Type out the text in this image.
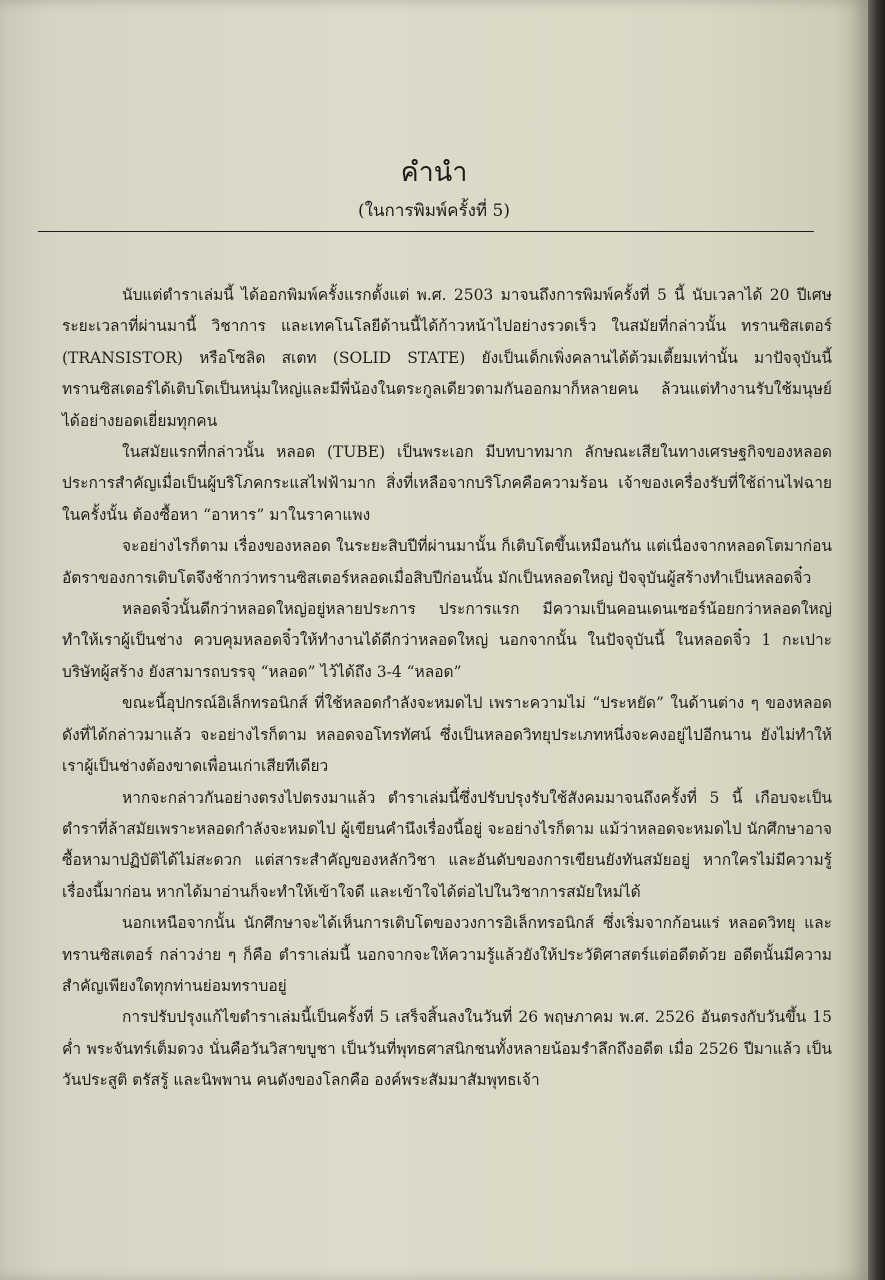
คำนำ
(ในการพิมพ์ครั้งที่ 5)

นับแต่ตำราเล่มนี้ ได้ออกพิมพ์ครั้งแรกตั้งแต่ พ.ศ. 2503 มาจนถึงการพิมพ์ครั้งที่ 5 นี้ นับเวลาได้ 20 ปีเศษ ระยะเวลาที่ผ่านมานี้ วิชาการ และเทคโนโลยีด้านนี้ได้ก้าวหน้าไปอย่างรวดเร็ว ในสมัยที่กล่าวนั้น ทรานซิสเตอร์ (TRANSISTOR) หรือโซลิด สเตท (SOLID STATE) ยังเป็นเด็กเพิ่งคลานได้ต้วมเตี้ยมเท่านั้น มาปัจจุบันนี้ทรานซิสเตอร์ได้เติบโตเป็นหนุ่มใหญ่และมีพี่น้องในตระกูลเดียวตามกันออกมาก็หลายคน ล้วนแต่ทำงานรับใช้มนุษย์ได้อย่างยอดเยี่ยมทุกคน

ในสมัยแรกที่กล่าวนั้น หลอด (TUBE) เป็นพระเอก มีบทบาทมาก ลักษณะเสียในทางเศรษฐกิจของหลอดประการสำคัญเมื่อเป็นผู้บริโภคกระแสไฟฟ้ามาก สิ่งที่เหลือจากบริโภคคือความร้อน เจ้าของเครื่องรับที่ใช้ถ่านไฟฉายในครั้งนั้น ต้องซื้อหา “อาหาร” มาในราคาแพง

จะอย่างไรก็ตาม เรื่องของหลอด ในระยะสิบปีที่ผ่านมานั้น ก็เติบโตขึ้นเหมือนกัน แต่เนื่องจากหลอดโตมาก่อน อัตราของการเติบโตจึงช้ากว่าทรานซิสเตอร์หลอดเมื่อสิบปีก่อนนั้น มักเป็นหลอดใหญ่ ปัจจุบันผู้สร้างทำเป็นหลอดจิ๋ว

หลอดจิ๋วนั้นดีกว่าหลอดใหญ่อยู่หลายประการ ประการแรก มีความเป็นคอนเดนเซอร์น้อยกว่าหลอดใหญ่ ทำให้เราผู้เป็นช่าง ควบคุมหลอดจิ๋วให้ทำงานได้ดีกว่าหลอดใหญ่ นอกจากนั้น ในปัจจุบันนี้ ในหลอดจิ๋ว 1 กะเปาะ บริษัทผู้สร้าง ยังสามารถบรรจุ “หลอด” ไว้ได้ถึง 3-4 “หลอด”

ขณะนี้อุปกรณ์อิเล็กทรอนิกส์ ที่ใช้หลอดกำลังจะหมดไป เพราะความไม่ “ประหยัด” ในด้านต่าง ๆ ของหลอดดังที่ได้กล่าวมาแล้ว จะอย่างไรก็ตาม หลอดจอโทรทัศน์ ซึ่งเป็นหลอดวิทยุประเภทหนึ่งจะคงอยู่ไปอีกนาน ยังไม่ทำให้เราผู้เป็นช่างต้องขาดเพื่อนเก่าเสียทีเดียว

หากจะกล่าวกันอย่างตรงไปตรงมาแล้ว ตำราเล่มนี้ซึ่งปรับปรุงรับใช้สังคมมาจนถึงครั้งที่ 5 นี้ เกือบจะเป็นตำราที่ล้าสมัยเพราะหลอดกำลังจะหมดไป ผู้เขียนคำนึงเรื่องนี้อยู่ จะอย่างไรก็ตาม แม้ว่าหลอดจะหมดไป นักศึกษาอาจซื้อหามาปฏิบัติได้ไม่สะดวก แต่สาระสำคัญของหลักวิชา และอันดับของการเขียนยังทันสมัยอยู่ หากใครไม่มีความรู้เรื่องนี้มาก่อน หากได้มาอ่านก็จะทำให้เข้าใจดี และเข้าใจได้ต่อไปในวิชาการสมัยใหม่ได้

นอกเหนือจากนั้น นักศึกษาจะได้เห็นการเติบโตของวงการอิเล็กทรอนิกส์ ซึ่งเริ่มจากก้อนแร่ หลอดวิทยุ และทรานซิสเตอร์ กล่าวง่าย ๆ ก็คือ ตำราเล่มนี้ นอกจากจะให้ความรู้แล้วยังให้ประวัติศาสตร์แต่อดีตด้วย อดีตนั้นมีความสำคัญเพียงใดทุกท่านย่อมทราบอยู่

การปรับปรุงแก้ไขตำราเล่มนี้เป็นครั้งที่ 5 เสร็จสิ้นลงในวันที่ 26 พฤษภาคม พ.ศ. 2526 อันตรงกับวันขึ้น 15 ค่ำ พระจันทร์เต็มดวง นั่นคือวันวิสาขบูชา เป็นวันที่พุทธศาสนิกชนทั้งหลายน้อมรำลึกถึงอดีต เมื่อ 2526 ปีมาแล้ว เป็นวันประสูติ ตรัสรู้ และนิพพาน คนดังของโลกคือ องค์พระสัมมาสัมพุทธเจ้า
